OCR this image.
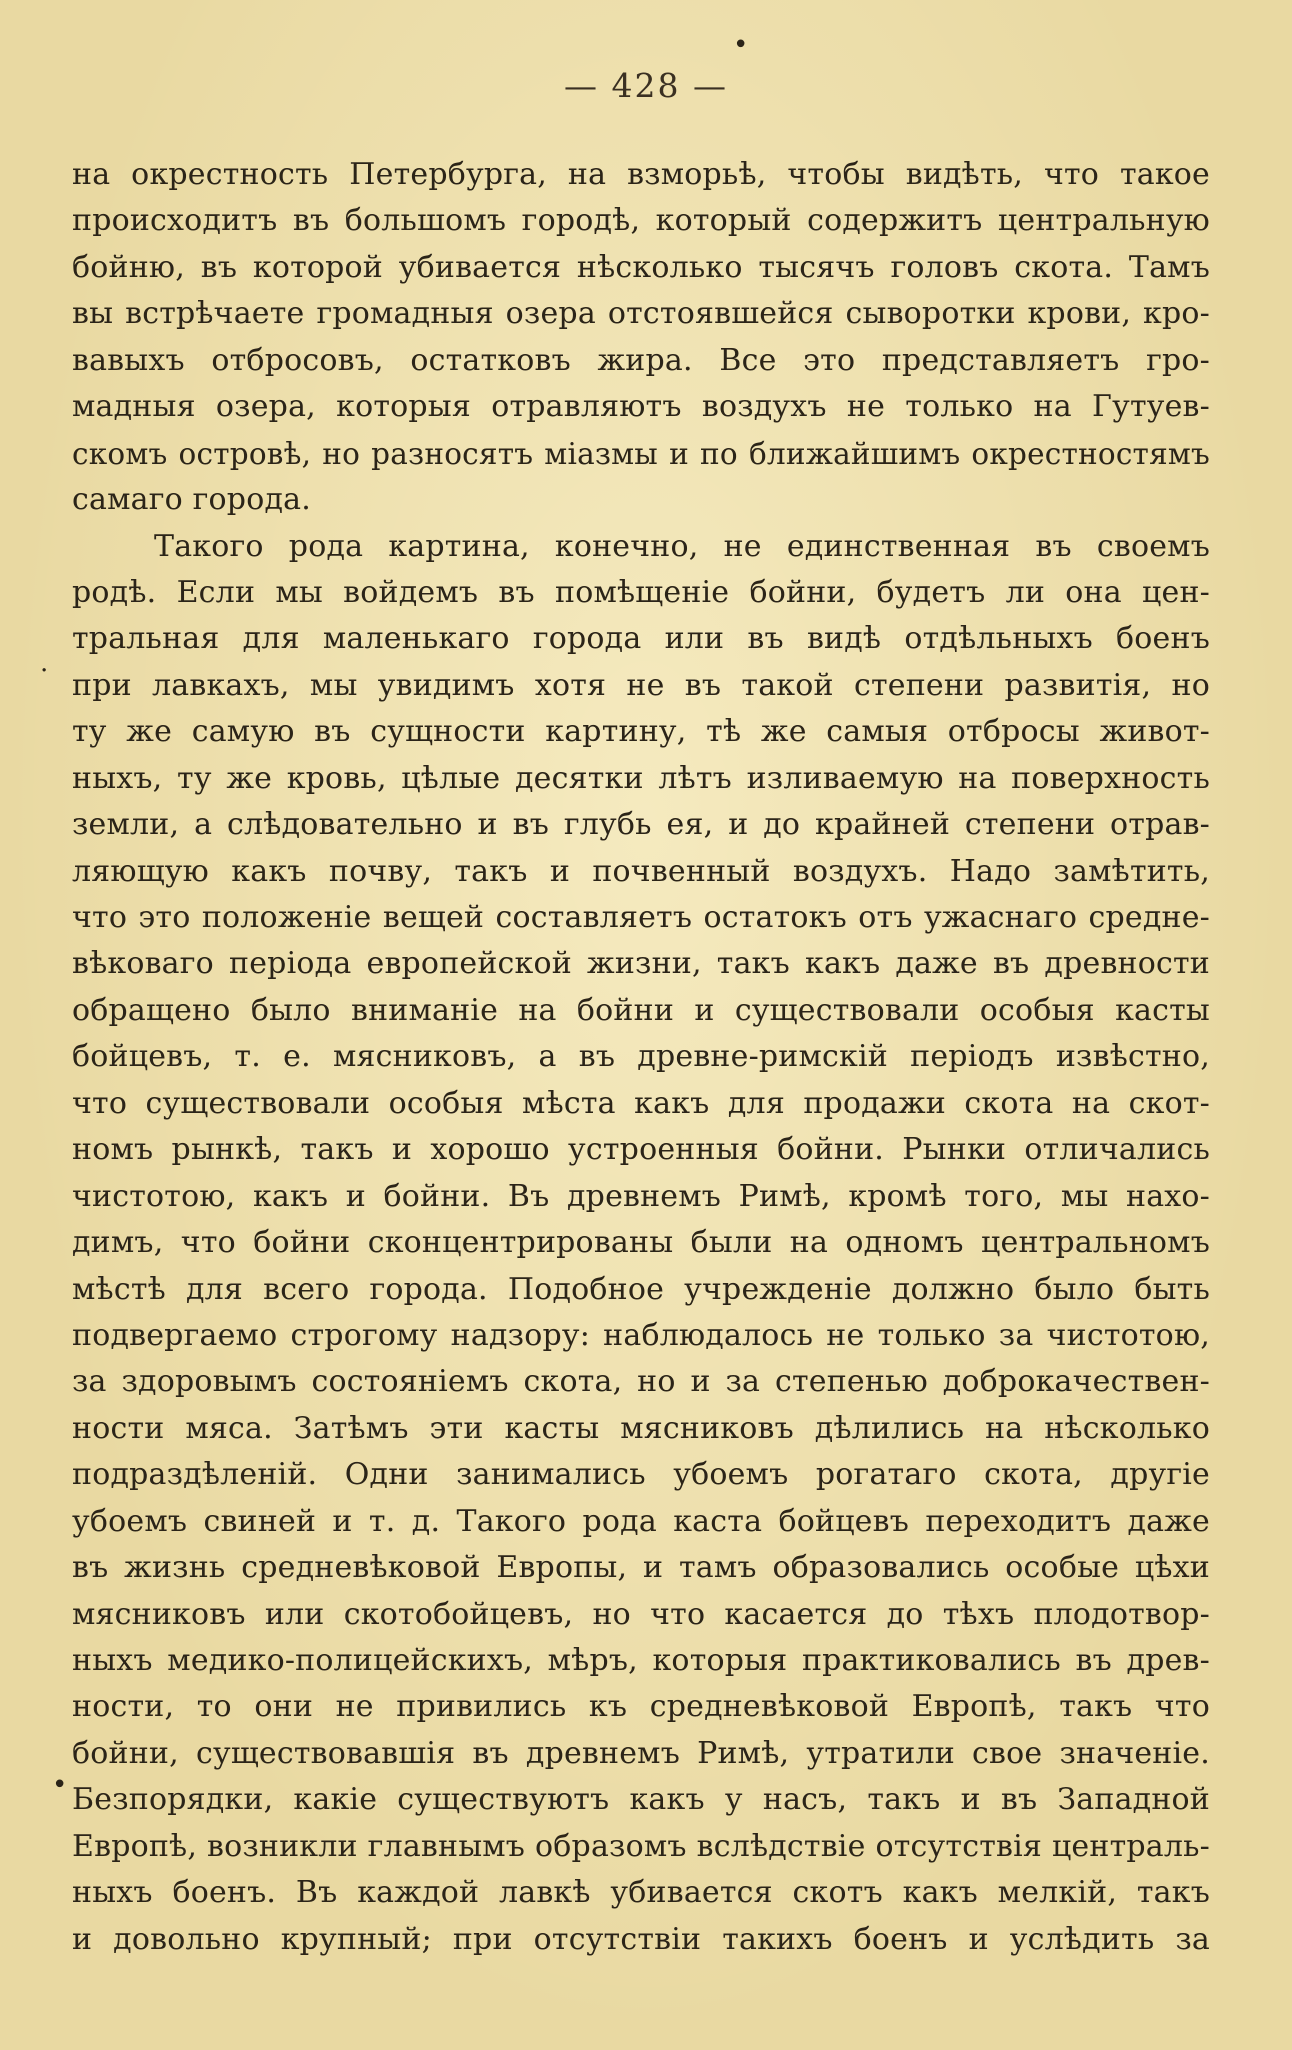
— 428 —
•
.
•
на окрестность Петербурга, на взморьѣ, чтобы видѣть, что такое
происходитъ въ большомъ городѣ, который содержитъ центральную
бойню, въ которой убивается нѣсколько тысячъ головъ скота. Тамъ
вы встрѣчаете громадныя озера отстоявшейся сыворотки крови, кро-
вавыхъ отбросовъ, остатковъ жира. Все это представляетъ гро-
мадныя озера, которыя отравляютъ воздухъ не только на Гутуев-
скомъ островѣ, но разносятъ міазмы и по ближайшимъ окрестностямъ
самаго города.
Такого рода картина, конечно, не единственная въ своемъ
родѣ. Если мы войдемъ въ помѣщеніе бойни, будетъ ли она цен-
тральная для маленькаго города или въ видѣ отдѣльныхъ боенъ
при лавкахъ, мы увидимъ хотя не въ такой степени развитія, но
ту же самую въ сущности картину, тѣ же самыя отбросы живот-
ныхъ, ту же кровь, цѣлые десятки лѣтъ изливаемую на поверхность
земли, а слѣдовательно и въ глубь ея, и до крайней степени отрав-
ляющую какъ почву, такъ и почвенный воздухъ. Надо замѣтить,
что это положеніе вещей составляетъ остатокъ отъ ужаснаго средне-
вѣковаго періода европейской жизни, такъ какъ даже въ древности
обращено было вниманіе на бойни и существовали особыя касты
бойцевъ, т. е. мясниковъ, а въ древне-римскій періодъ извѣстно,
что существовали особыя мѣста какъ для продажи скота на скот-
номъ рынкѣ, такъ и хорошо устроенныя бойни. Рынки отличались
чистотою, какъ и бойни. Въ древнемъ Римѣ, кромѣ того, мы нахо-
димъ, что бойни сконцентрированы были на одномъ центральномъ
мѣстѣ для всего города. Подобное учрежденіе должно было быть
подвергаемо строгому надзору: наблюдалось не только за чистотою,
за здоровымъ состояніемъ скота, но и за степенью доброкачествен-
ности мяса. Затѣмъ эти касты мясниковъ дѣлились на нѣсколько
подраздѣленій. Одни занимались убоемъ рогатаго скота, другіе
убоемъ свиней и т. д. Такого рода каста бойцевъ переходитъ даже
въ жизнь средневѣковой Европы, и тамъ образовались особые цѣхи
мясниковъ или скотобойцевъ, но что касается до тѣхъ плодотвор-
ныхъ медико-полицейскихъ, мѣръ, которыя практиковались въ древ-
ности, то они не привились къ средневѣковой Европѣ, такъ что
бойни, существовавшія въ древнемъ Римѣ, утратили свое значеніе.
Безпорядки, какіе существуютъ какъ у насъ, такъ и въ Западной
Европѣ, возникли главнымъ образомъ вслѣдствіе отсутствія централь-
ныхъ боенъ. Въ каждой лавкѣ убивается скотъ какъ мелкій, такъ
и довольно крупный; при отсутствіи такихъ боенъ и услѣдить за
